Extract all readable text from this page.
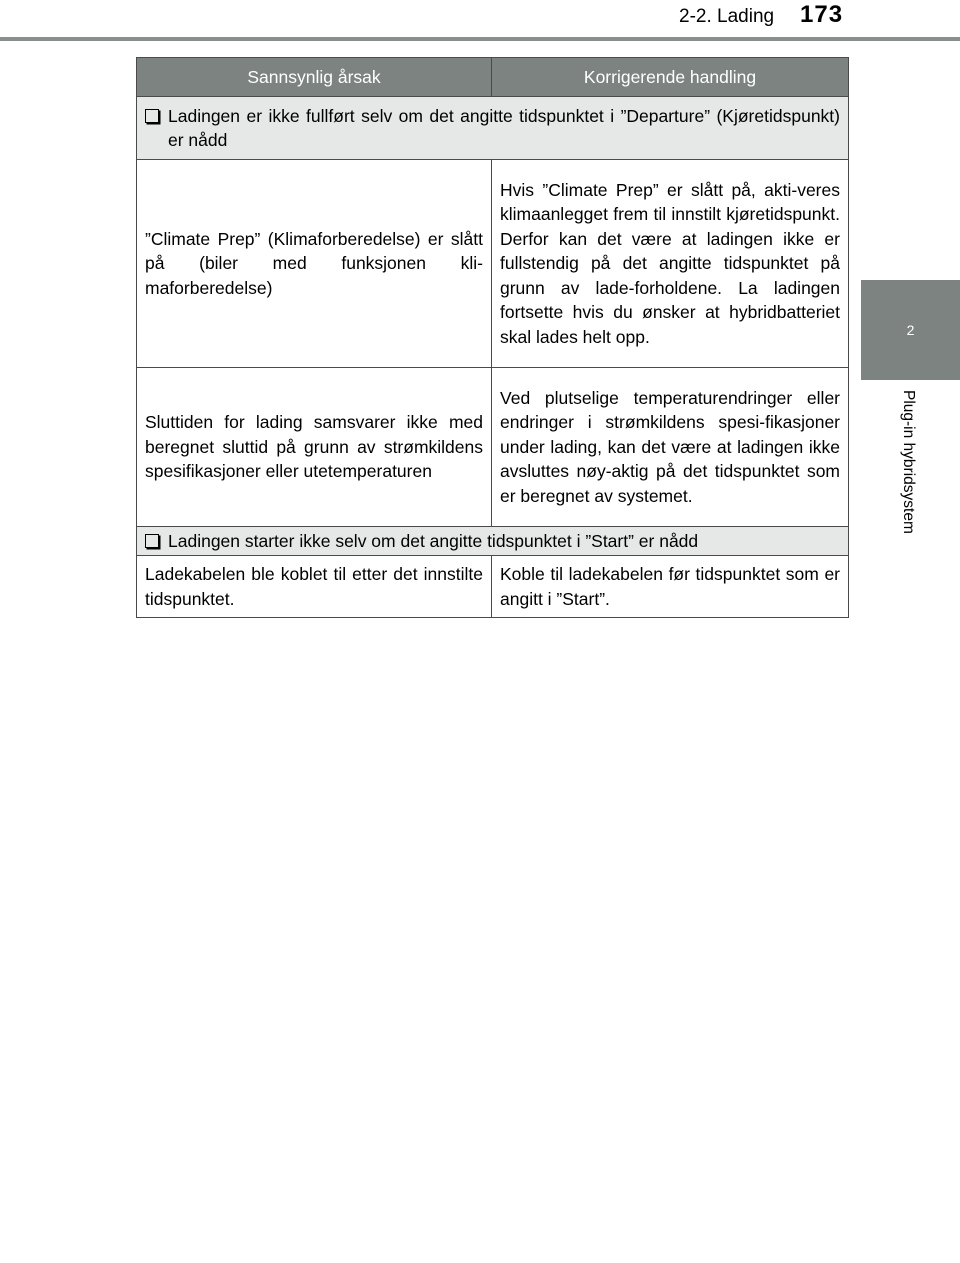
2-2. Lading 173
2
Plug-in hybridsystem
Sannsynlig årsak	Korrigerende handling

Ladingen er ikke fullført selv om det angitte tidspunktet i ”Departure” (Kjøretidspunkt) er nådd	

”Climate Prep” (Klimaforberedelse) er slått på (biler med funksjonen kli-maforberedelse)	Hvis ”Climate Prep” er slått på, akti-veres klimaanlegget frem til innstilt kjøretidspunkt. Derfor kan det være at ladingen ikke er fullstendig på det angitte tidspunktet på grunn av lade-forholdene. La ladingen fortsette hvis du ønsker at hybridbatteriet skal lades helt opp.
Sluttiden for lading samsvarer ikke med beregnet sluttid på grunn av strømkildens spesifikasjoner eller utetemperaturen	Ved plutselige temperaturendringer eller endringer i strømkildens spesi-fikasjoner under lading, kan det være at ladingen ikke avsluttes nøy-aktig på det tidspunktet som er beregnet av systemet.

Ladingen starter ikke selv om det angitte tidspunktet i ”Start” er nådd	

Ladekabelen ble koblet til etter det innstilte tidspunktet.	Koble til ladekabelen før tidspunktet som er angitt i ”Start”.
